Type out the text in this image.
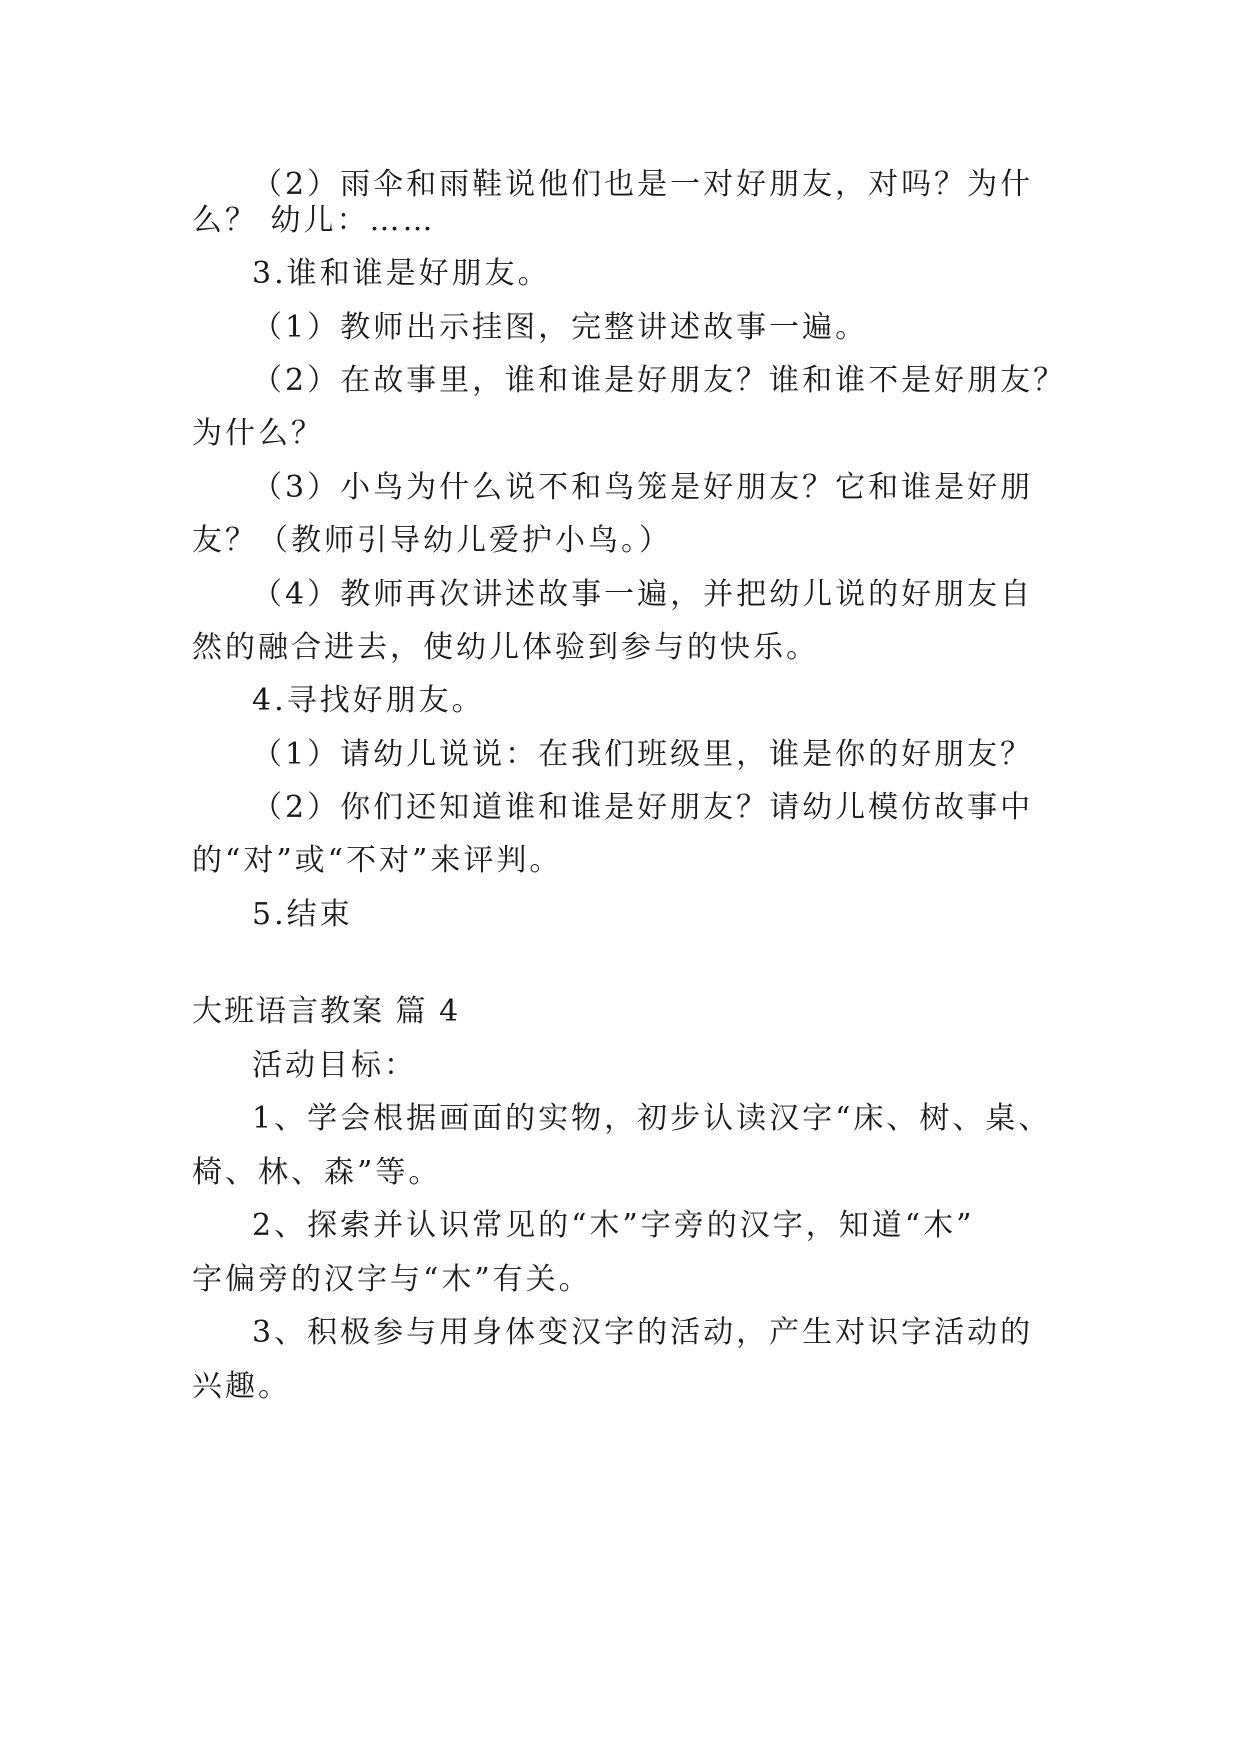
（2）雨伞和雨鞋说他们也是一对好朋友，对吗？为什

么？ 幼儿：……

3.谁和谁是好朋友。

（1）教师出示挂图，完整讲述故事一遍。

（2）在故事里，谁和谁是好朋友？谁和谁不是好朋友？

为什么？

（3）小鸟为什么说不和鸟笼是好朋友？它和谁是好朋

友？（教师引导幼儿爱护小鸟。）

（4）教师再次讲述故事一遍，并把幼儿说的好朋友自

然的融合进去，使幼儿体验到参与的快乐。

4.寻找好朋友。

（1）请幼儿说说：在我们班级里，谁是你的好朋友？

（2）你们还知道谁和谁是好朋友？请幼儿模仿故事中

的“对”或“不对”来评判。

5.结束

大班语言教案 篇 4

活动目标：

1、学会根据画面的实物，初步认读汉字“床、树、桌、

椅、林、森”等。

2、探索并认识常见的“木”字旁的汉字，知道“木”

字偏旁的汉字与“木”有关。

3、积极参与用身体变汉字的活动，产生对识字活动的

兴趣。
